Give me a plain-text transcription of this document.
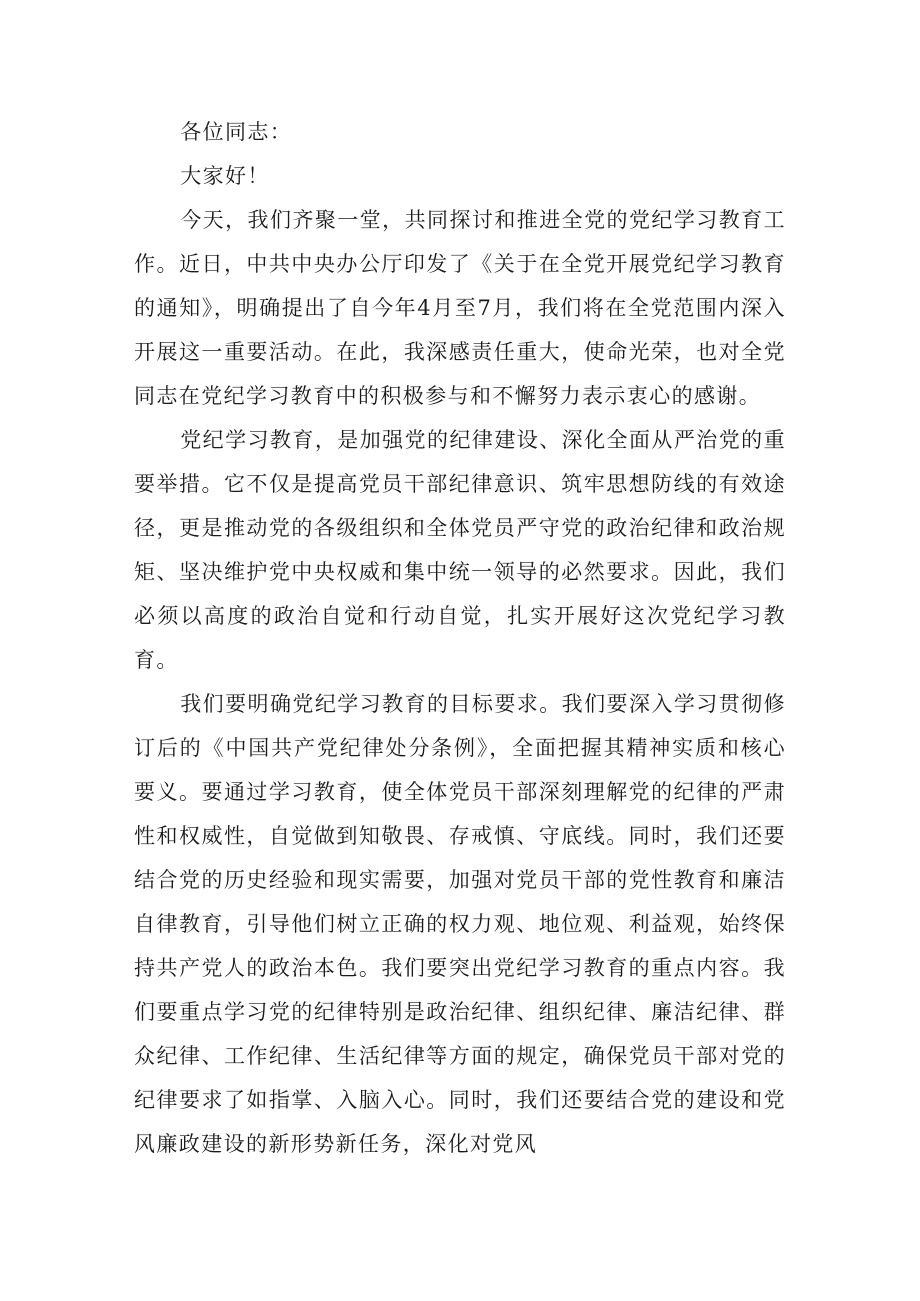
各位同志：

大家好！

今天，我们齐聚一堂，共同探讨和推进全党的党纪学习教育工作。近日，中共中央办公厅印发了《关于在全党开展党纪学习教育的通知》，明确提出了自今年4月至7月，我们将在全党范围内深入开展这一重要活动。在此，我深感责任重大，使命光荣，也对全党同志在党纪学习教育中的积极参与和不懈努力表示衷心的感谢。

党纪学习教育，是加强党的纪律建设、深化全面从严治党的重要举措。它不仅是提高党员干部纪律意识、筑牢思想防线的有效途径，更是推动党的各级组织和全体党员严守党的政治纪律和政治规矩、坚决维护党中央权威和集中统一领导的必然要求。因此，我们必须以高度的政治自觉和行动自觉，扎实开展好这次党纪学习教育。

我们要明确党纪学习教育的目标要求。我们要深入学习贯彻修订后的《中国共产党纪律处分条例》，全面把握其精神实质和核心要义。要通过学习教育，使全体党员干部深刻理解党的纪律的严肃性和权威性，自觉做到知敬畏、存戒慎、守底线。同时，我们还要结合党的历史经验和现实需要，加强对党员干部的党性教育和廉洁自律教育，引导他们树立正确的权力观、地位观、利益观，始终保持共产党人的政治本色。我们要突出党纪学习教育的重点内容。我们要重点学习党的纪律特别是政治纪律、组织纪律、廉洁纪律、群众纪律、工作纪律、生活纪律等方面的规定，确保党员干部对党的纪律要求了如指掌、入脑入心。同时，我们还要结合党的建设和党风廉政建设的新形势新任务，深化对党风
